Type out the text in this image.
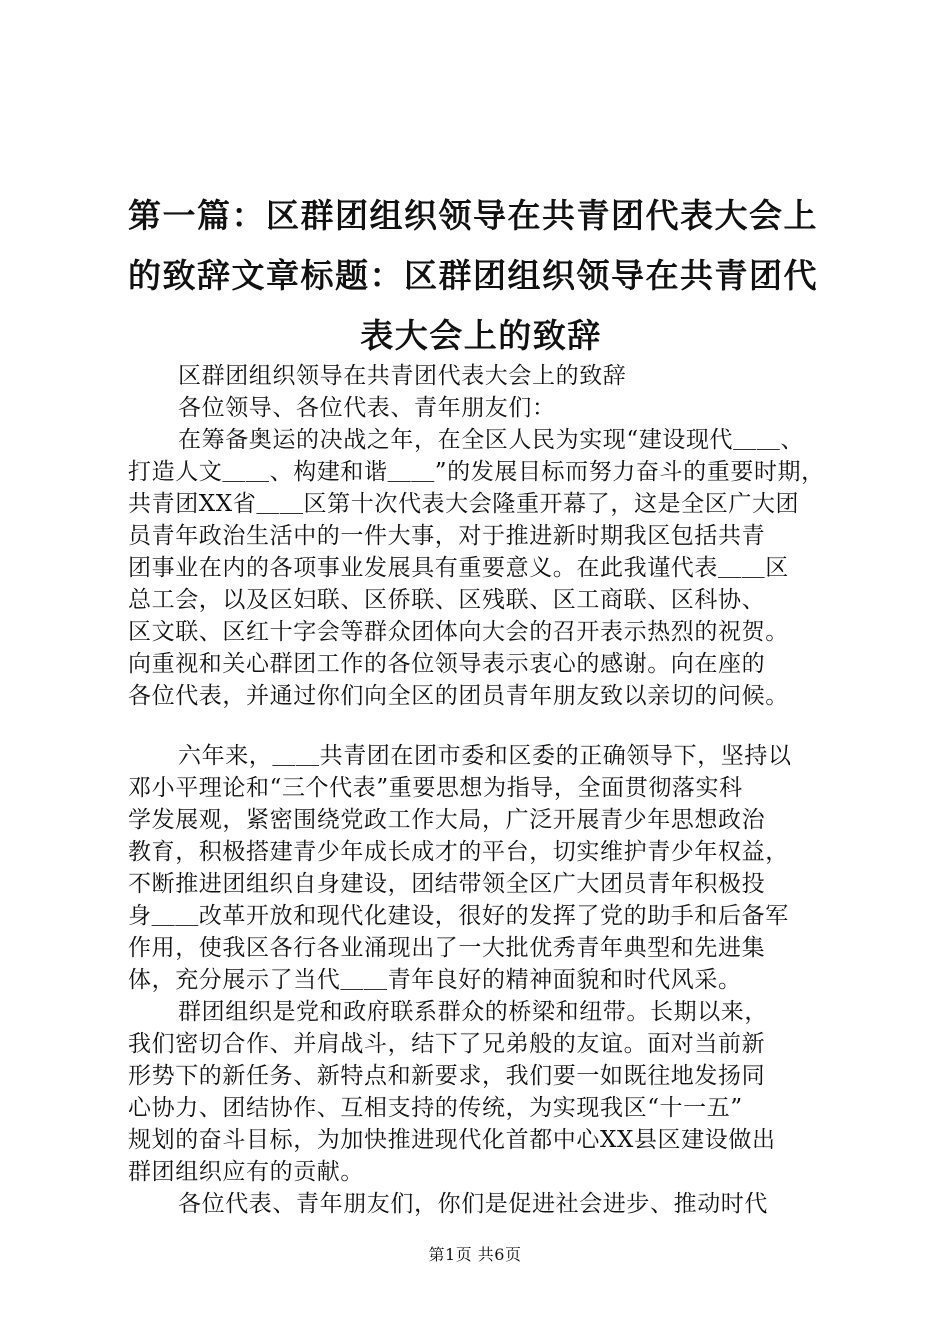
第一篇：区群团组织领导在共青团代表大会上
的致辞文章标题：区群团组织领导在共青团代
表大会上的致辞
区群团组织领导在共青团代表大会上的致辞
各位领导、各位代表、青年朋友们：
在筹备奥运的决战之年，在全区人民为实现“建设现代＿＿、
打造人文＿＿、构建和谐＿＿”的发展目标而努力奋斗的重要时期，
共青团XX省＿＿区第十次代表大会隆重开幕了，这是全区广大团
员青年政治生活中的一件大事，对于推进新时期我区包括共青
团事业在内的各项事业发展具有重要意义。在此我谨代表＿＿区
总工会，以及区妇联、区侨联、区残联、区工商联、区科协、
区文联、区红十字会等群众团体向大会的召开表示热烈的祝贺。
向重视和关心群团工作的各位领导表示衷心的感谢。向在座的
各位代表，并通过你们向全区的团员青年朋友致以亲切的问候。
六年来，＿＿共青团在团市委和区委的正确领导下，坚持以
邓小平理论和“三个代表”重要思想为指导，全面贯彻落实科
学发展观，紧密围绕党政工作大局，广泛开展青少年思想政治
教育，积极搭建青少年成长成才的平台，切实维护青少年权益，
不断推进团组织自身建设，团结带领全区广大团员青年积极投
身＿＿改革开放和现代化建设，很好的发挥了党的助手和后备军
作用，使我区各行各业涌现出了一大批优秀青年典型和先进集
体，充分展示了当代＿＿青年良好的精神面貌和时代风采。
群团组织是党和政府联系群众的桥梁和纽带。长期以来，
我们密切合作、并肩战斗，结下了兄弟般的友谊。面对当前新
形势下的新任务、新特点和新要求，我们要一如既往地发扬同
心协力、团结协作、互相支持的传统，为实现我区“十一五”
规划的奋斗目标，为加快推进现代化首都中心XX县区建设做出
群团组织应有的贡献。
各位代表、青年朋友们，你们是促进社会进步、推动时代
第1页 共6页
